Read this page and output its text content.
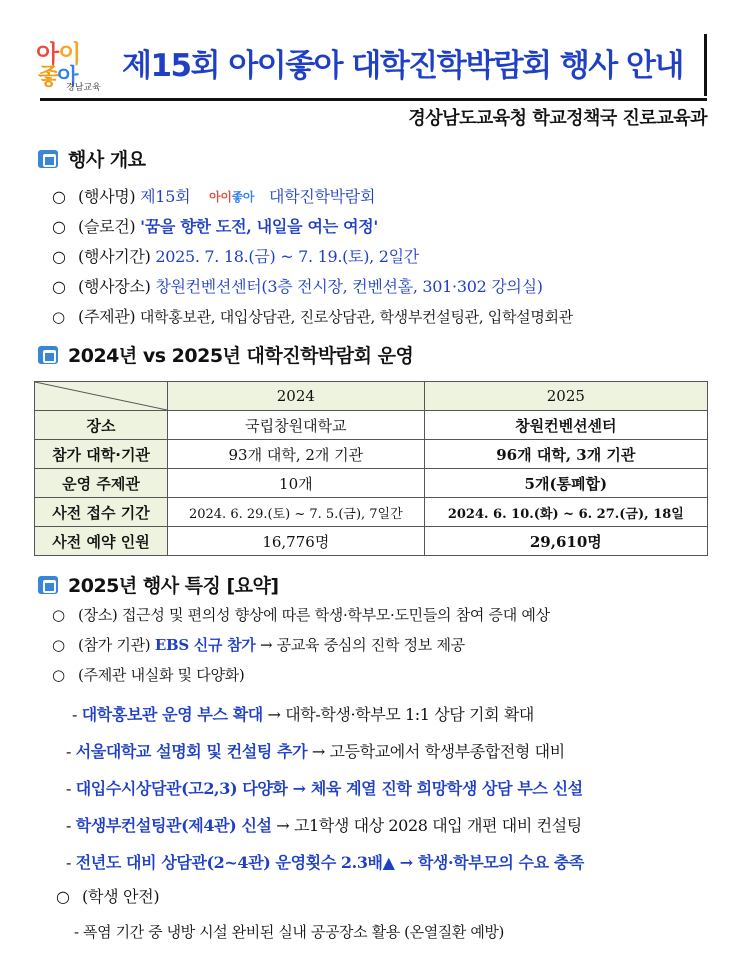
아이
좋아
경남교육
제15회 아이좋아 대학진학박람회 행사 안내
경상남도교육청 학교정책국 진로교육과
행사 개요
○ (행사명) 제15회 아이좋아 대학진학박람회
○ (슬로건) '꿈을 향한 도전, 내일을 여는 여정'
○ (행사기간) 2025. 7. 18.(금) ~ 7. 19.(토), 2일간
○ (행사장소) 창원컨벤션센터(3층 전시장, 컨벤션홀, 301·302 강의실)
○ (주제관) 대학홍보관, 대입상담관, 진로상담관, 학생부컨설팅관, 입학설명회관
2024년 vs 2025년 대학진학박람회 운영
	2024	2025
장소	국립창원대학교	창원컨벤션센터
참가 대학·기관	93개 대학, 2개 기관	96개 대학, 3개 기관
운영 주제관	10개	5개(통폐합)
사전 접수 기간	2024. 6. 29.(토) ~ 7. 5.(금), 7일간	2024. 6. 10.(화) ~ 6. 27.(금), 18일
사전 예약 인원	16,776명	29,610명
2025년 행사 특징 [요약]
○ (장소) 접근성 및 편의성 향상에 따른 학생·학부모·도민들의 참여 증대 예상
○ (참가 기관) EBS 신규 참가 → 공교육 중심의 진학 정보 제공
○ (주제관 내실화 및 다양화)
- 대학홍보관 운영 부스 확대 → 대학-학생·학부모 1:1 상담 기회 확대
- 서울대학교 설명회 및 컨설팅 추가 → 고등학교에서 학생부종합전형 대비
- 대입수시상담관(고2,3) 다양화 → 체육 계열 진학 희망학생 상담 부스 신설
- 학생부컨설팅관(제4관) 신설 → 고1학생 대상 2028 대입 개편 대비 컨설팅
- 전년도 대비 상담관(2~4관) 운영횟수 2.3배▲ → 학생·학부모의 수요 충족
○ (학생 안전)
- 폭염 기간 중 냉방 시설 완비된 실내 공공장소 활용 (온열질환 예방)
